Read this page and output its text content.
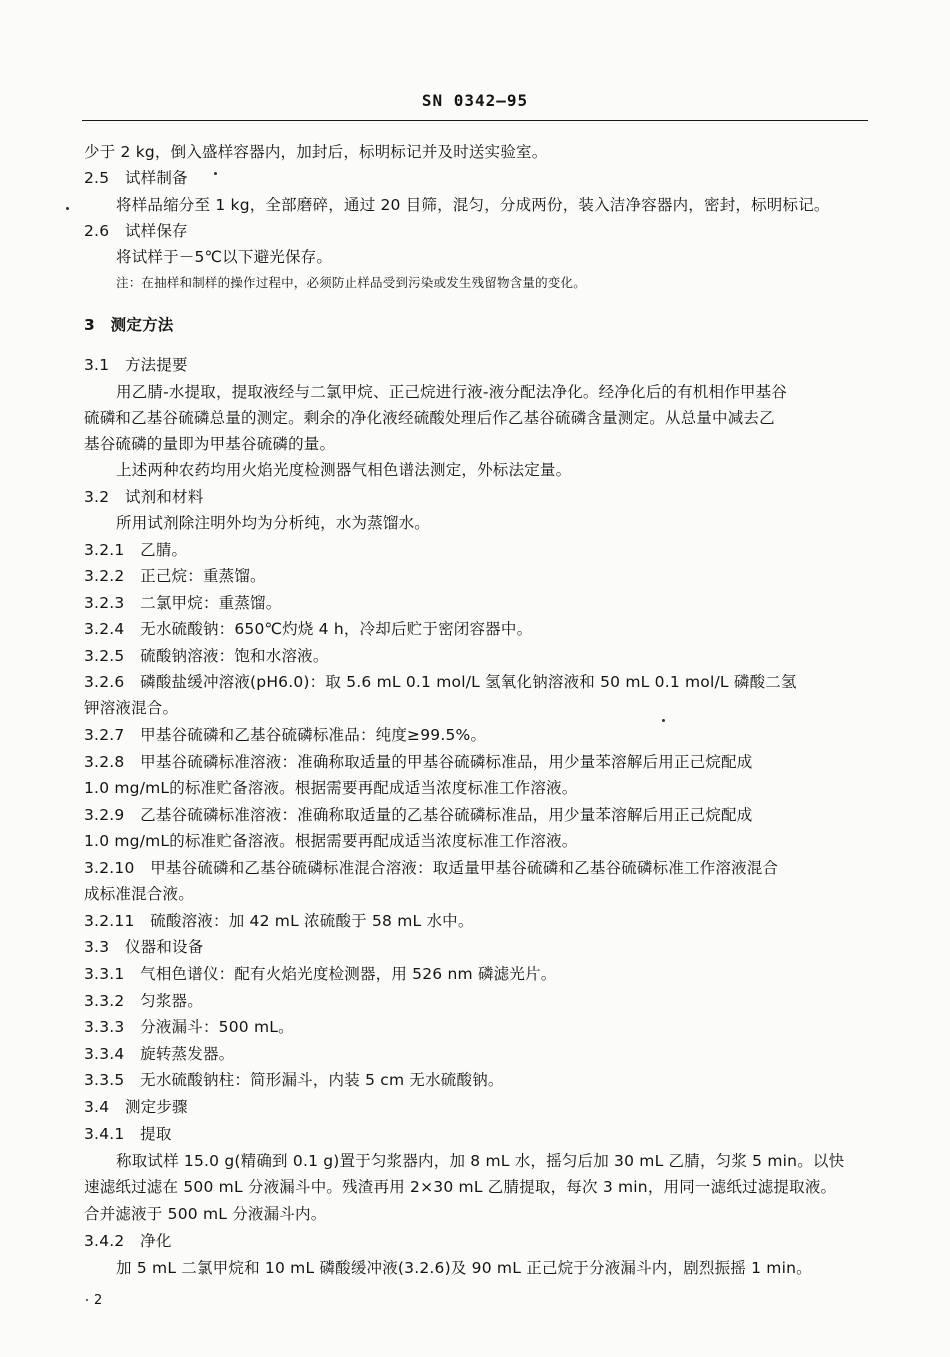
SN 0342—95
少于 2 kg，倒入盛样容器内，加封后，标明标记并及时送实验室。
2.5　试样制备
将样品缩分至 1 kg，全部磨碎，通过 20 目筛，混匀，分成两份，装入洁净容器内，密封，标明标记。
2.6　试样保存
将试样于－5℃以下避光保存。
注：在抽样和制样的操作过程中，必须防止样品受到污染或发生残留物含量的变化。
3　测定方法
3.1　方法提要
用乙腈-水提取，提取液经与二氯甲烷、正己烷进行液-液分配法净化。经净化后的有机相作甲基谷
硫磷和乙基谷硫磷总量的测定。剩余的净化液经硫酸处理后作乙基谷硫磷含量测定。从总量中减去乙
基谷硫磷的量即为甲基谷硫磷的量。
上述两种农药均用火焰光度检测器气相色谱法测定，外标法定量。
3.2　试剂和材料
所用试剂除注明外均为分析纯，水为蒸馏水。
3.2.1　乙腈。
3.2.2　正己烷：重蒸馏。
3.2.3　二氯甲烷：重蒸馏。
3.2.4　无水硫酸钠：650℃灼烧 4 h，冷却后贮于密闭容器中。
3.2.5　硫酸钠溶液：饱和水溶液。
3.2.6　磷酸盐缓冲溶液(pH6.0)：取 5.6 mL 0.1 mol/L 氢氧化钠溶液和 50 mL 0.1 mol/L 磷酸二氢
钾溶液混合。
3.2.7　甲基谷硫磷和乙基谷硫磷标准品：纯度≥99.5%。
3.2.8　甲基谷硫磷标准溶液：准确称取适量的甲基谷硫磷标准品，用少量苯溶解后用正己烷配成
1.0 mg/mL的标准贮备溶液。根据需要再配成适当浓度标准工作溶液。
3.2.9　乙基谷硫磷标准溶液：准确称取适量的乙基谷硫磷标准品，用少量苯溶解后用正己烷配成
1.0 mg/mL的标准贮备溶液。根据需要再配成适当浓度标准工作溶液。
3.2.10　甲基谷硫磷和乙基谷硫磷标准混合溶液：取适量甲基谷硫磷和乙基谷硫磷标准工作溶液混合
成标准混合液。
3.2.11　硫酸溶液：加 42 mL 浓硫酸于 58 mL 水中。
3.3　仪器和设备
3.3.1　气相色谱仪：配有火焰光度检测器，用 526 nm 磷滤光片。
3.3.2　匀浆器。
3.3.3　分液漏斗：500 mL。
3.3.4　旋转蒸发器。
3.3.5　无水硫酸钠柱：简形漏斗，内装 5 cm 无水硫酸钠。
3.4　测定步骤
3.4.1　提取
称取试样 15.0 g(精确到 0.1 g)置于匀浆器内，加 8 mL 水，摇匀后加 30 mL 乙腈，匀浆 5 min。以快
速滤纸过滤在 500 mL 分液漏斗中。残渣再用 2×30 mL 乙腈提取，每次 3 min，用同一滤纸过滤提取液。
合并滤液于 500 mL 分液漏斗内。
3.4.2　净化
加 5 mL 二氯甲烷和 10 mL 磷酸缓冲液(3.2.6)及 90 mL 正己烷于分液漏斗内，剧烈振摇 1 min。
2
